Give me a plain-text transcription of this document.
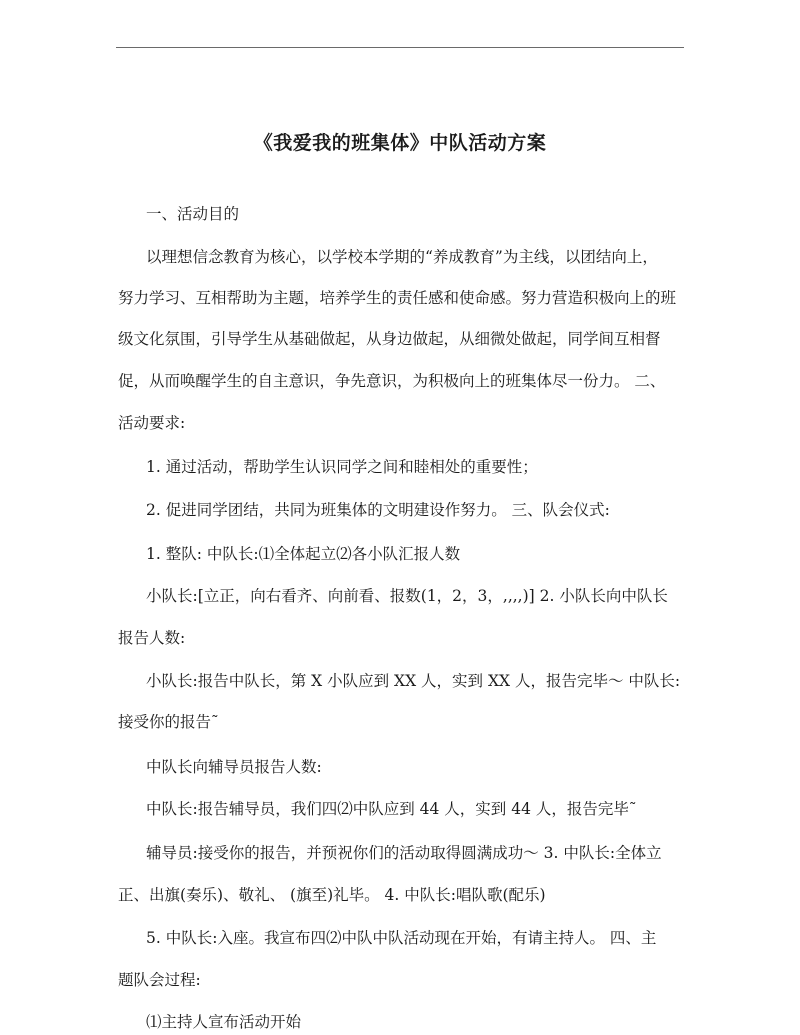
《我爱我的班集体》中队活动方案
一、活动目的
以理想信念教育为核心，以学校本学期的“养成教育”为主线，以团结向上，
努力学习、互相帮助为主题，培养学生的责任感和使命感。努力营造积极向上的班
级文化氛围，引导学生从基础做起，从身边做起，从细微处做起，同学间互相督
促，从而唤醒学生的自主意识，争先意识，为积极向上的班集体尽一份力。 二、
活动要求:
1. 通过活动，帮助学生认识同学之间和睦相处的重要性；
2. 促进同学团结，共同为班集体的文明建设作努力。 三、队会仪式:
1. 整队: 中队长:⑴全体起立⑵各小队汇报人数
小队长:[立正，向右看齐、向前看、报数(1，2，3，,,,,)] 2. 小队长向中队长
报告人数:
小队长:报告中队长，第 X 小队应到 XX 人，实到 XX 人，报告完毕～ 中队长:
接受你的报告˜
中队长向辅导员报告人数:
中队长:报告辅导员，我们四⑵中队应到 44 人，实到 44 人，报告完毕˜
辅导员:接受你的报告，并预祝你们的活动取得圆满成功～ 3. 中队长:全体立
正、出旗(奏乐)、敬礼、 (旗至)礼毕。 4. 中队长:唱队歌(配乐)
5. 中队长:入座。我宣布四⑵中队中队活动现在开始，有请主持人。 四、主
题队会过程:
⑴主持人宣布活动开始
